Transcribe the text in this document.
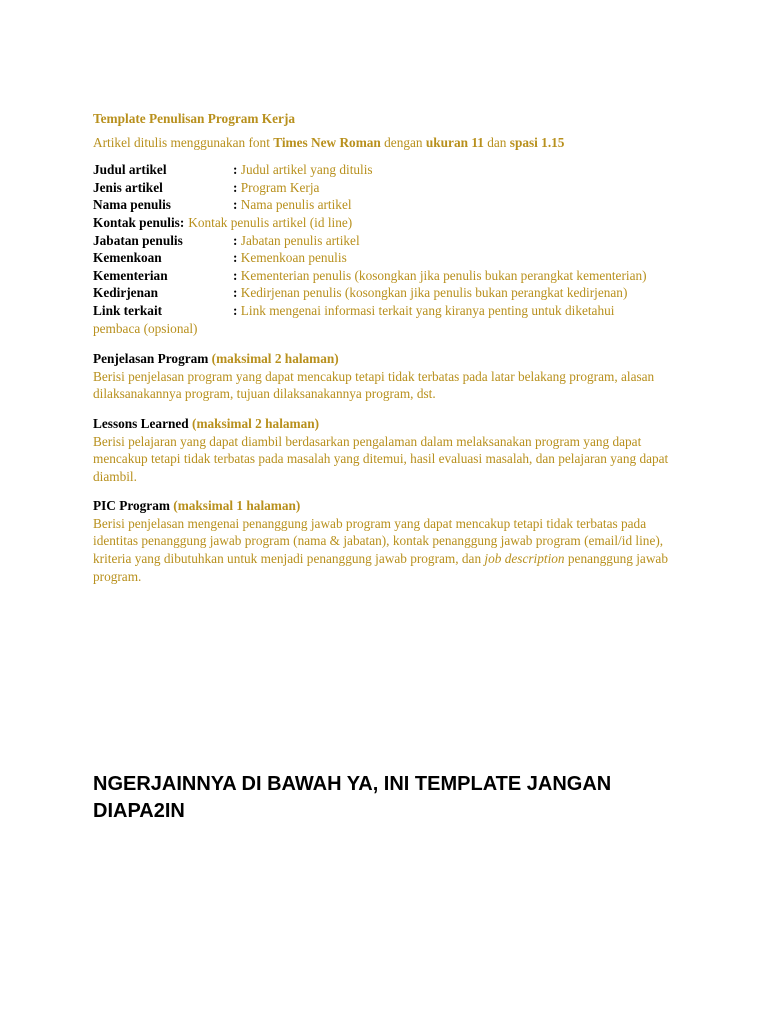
Template Penulisan Program Kerja

Artikel ditulis menggunakan font Times New Roman dengan ukuran 11 dan spasi 1.15

Judul artikel	: Judul artikel yang ditulis
Jenis artikel	: Program Kerja
Nama penulis	: Nama penulis artikel
Kontak penulis: Kontak penulis artikel (id line)
Jabatan penulis	: Jabatan penulis artikel
Kemenkoan	: Kemenkoan penulis
Kementerian	: Kementerian penulis (kosongkan jika penulis bukan perangkat kementerian)
Kedirjenan	: Kedirjenan penulis (kosongkan jika penulis bukan perangkat kedirjenan)
Link terkait	: Link mengenai informasi terkait yang kiranya penting untuk diketahui
pembaca (opsional)

Penjelasan Program (maksimal 2 halaman)

Berisi penjelasan program yang dapat mencakup tetapi tidak terbatas pada latar belakang program, alasan dilaksanakannya program, tujuan dilaksanakannya program, dst.

Lessons Learned (maksimal 2 halaman)

Berisi pelajaran yang dapat diambil berdasarkan pengalaman dalam melaksanakan program yang dapat mencakup tetapi tidak terbatas pada masalah yang ditemui, hasil evaluasi masalah, dan pelajaran yang dapat diambil.

PIC Program (maksimal 1 halaman)

Berisi penjelasan mengenai penanggung jawab program yang dapat mencakup tetapi tidak terbatas pada identitas penanggung jawab program (nama & jabatan), kontak penanggung jawab program (email/id line), kriteria yang dibutuhkan untuk menjadi penanggung jawab program, dan job description penanggung jawab program.

NGERJAINNYA DI BAWAH YA, INI TEMPLATE JANGAN DIAPA2IN
